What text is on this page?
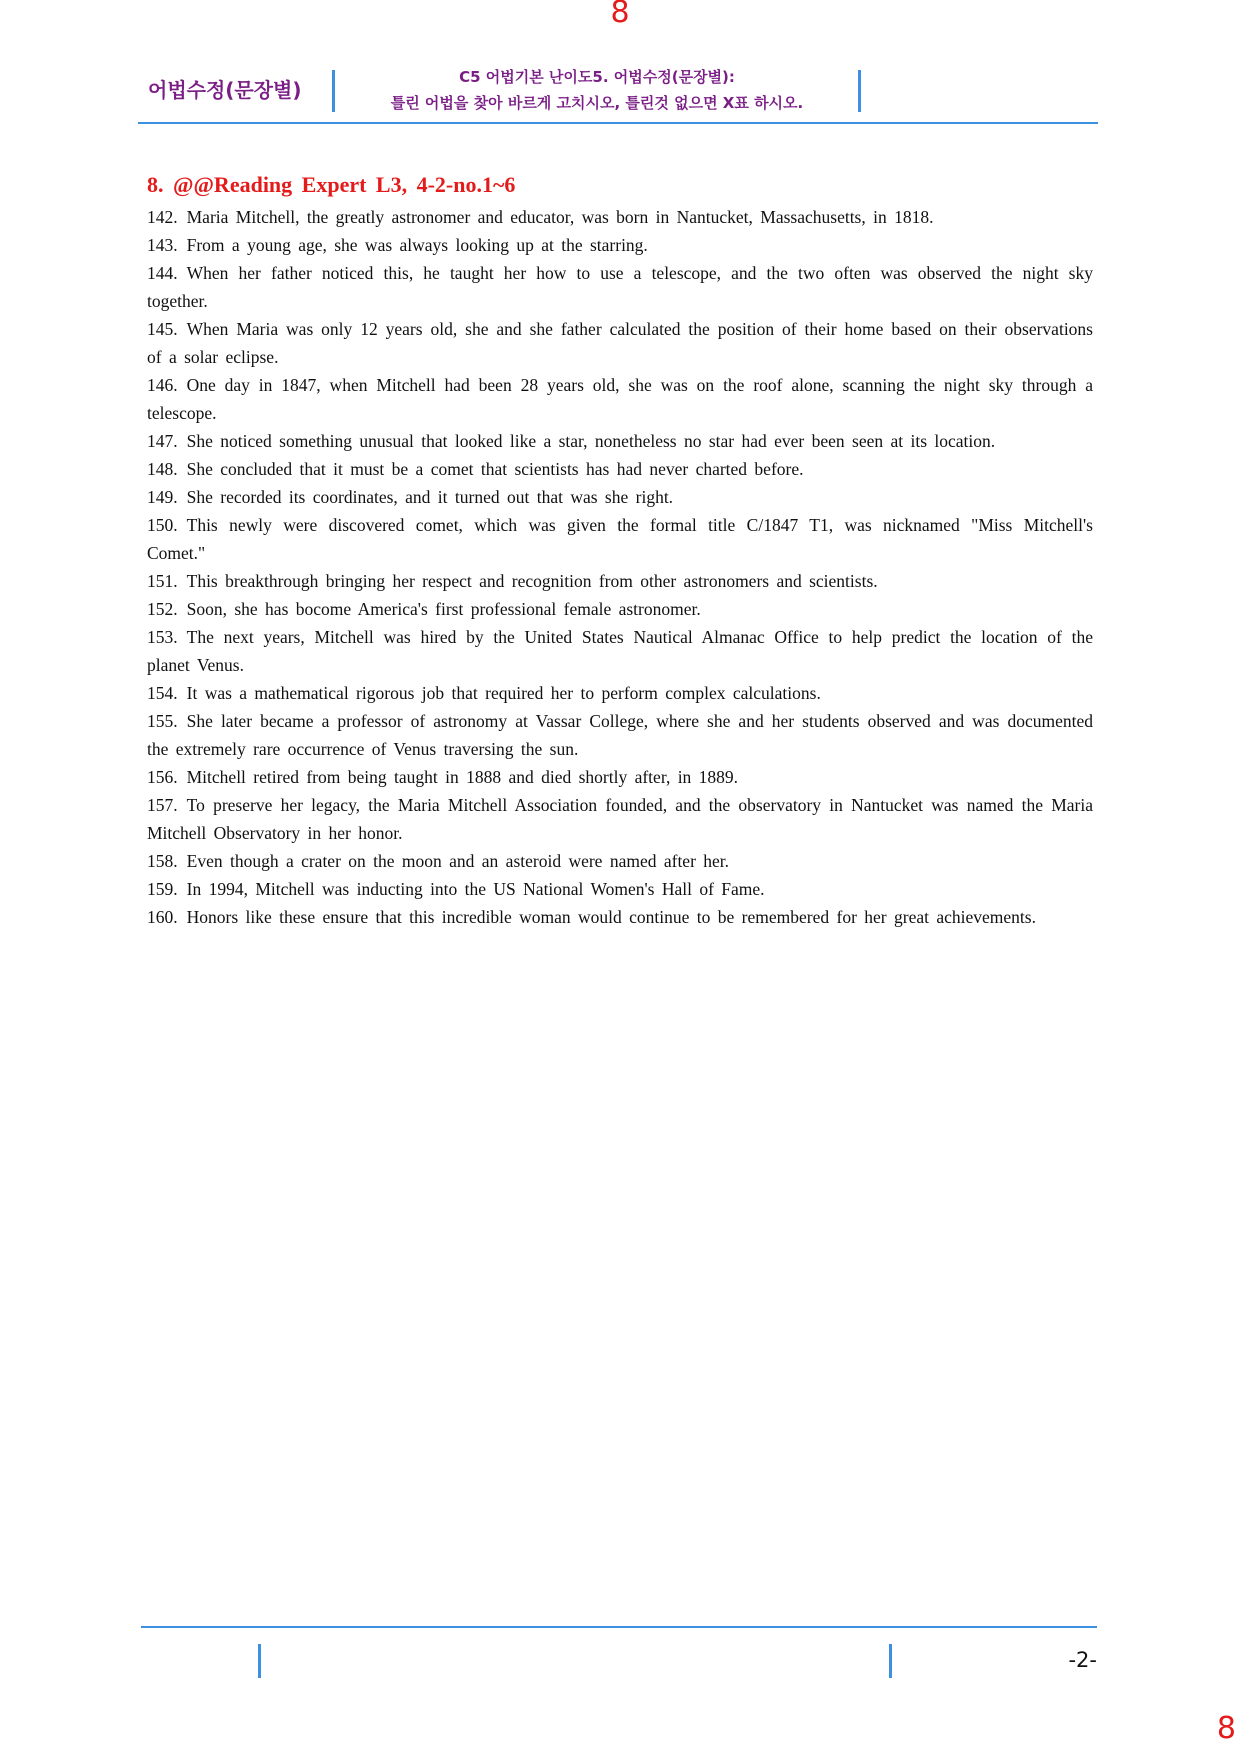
8
어법수정(문장별)
C5 어법기본 난이도5. 어법수정(문장별):
틀린 어법을 찾아 바르게 고치시오, 틀린것 없으면 X표 하시오.
8. @@Reading Expert L3, 4-2-no.1~6
142. Maria Mitchell, the greatly astronomer and educator, was born in Nantucket, Massachusetts, in 1818.
143. From a young age, she was always looking up at the starring.
144. When her father noticed this, he taught her how to use a telescope, and the two often was observed the night sky together.
145. When Maria was only 12 years old, she and she father calculated the position of their home based on their observations of a solar eclipse.
146. One day in 1847, when Mitchell had been 28 years old, she was on the roof alone, scanning the night sky through a telescope.
147. She noticed something unusual that looked like a star, nonetheless no star had ever been seen at its location.
148. She concluded that it must be a comet that scientists has had never charted before.
149. She recorded its coordinates, and it turned out that was she right.
150. This newly were discovered comet, which was given the formal title C/1847 T1, was nicknamed "Miss Mitchell's Comet."
151. This breakthrough bringing her respect and recognition from other astronomers and scientists.
152. Soon, she has bocome America's first professional female astronomer.
153. The next years, Mitchell was hired by the United States Nautical Almanac Office to help predict the location of the planet Venus.
154. It was a mathematical rigorous job that required her to perform complex calculations.
155. She later became a professor of astronomy at Vassar College, where she and her students observed and was documented the extremely rare occurrence of Venus traversing the sun.
156. Mitchell retired from being taught in 1888 and died shortly after, in 1889.
157. To preserve her legacy, the Maria Mitchell Association founded, and the observatory in Nantucket was named the Maria Mitchell Observatory in her honor.
158. Even though a crater on the moon and an asteroid were named after her.
159. In 1994, Mitchell was inducting into the US National Women's Hall of Fame.
160. Honors like these ensure that this incredible woman would continue to be remembered for her great achievements.
-2-
8
